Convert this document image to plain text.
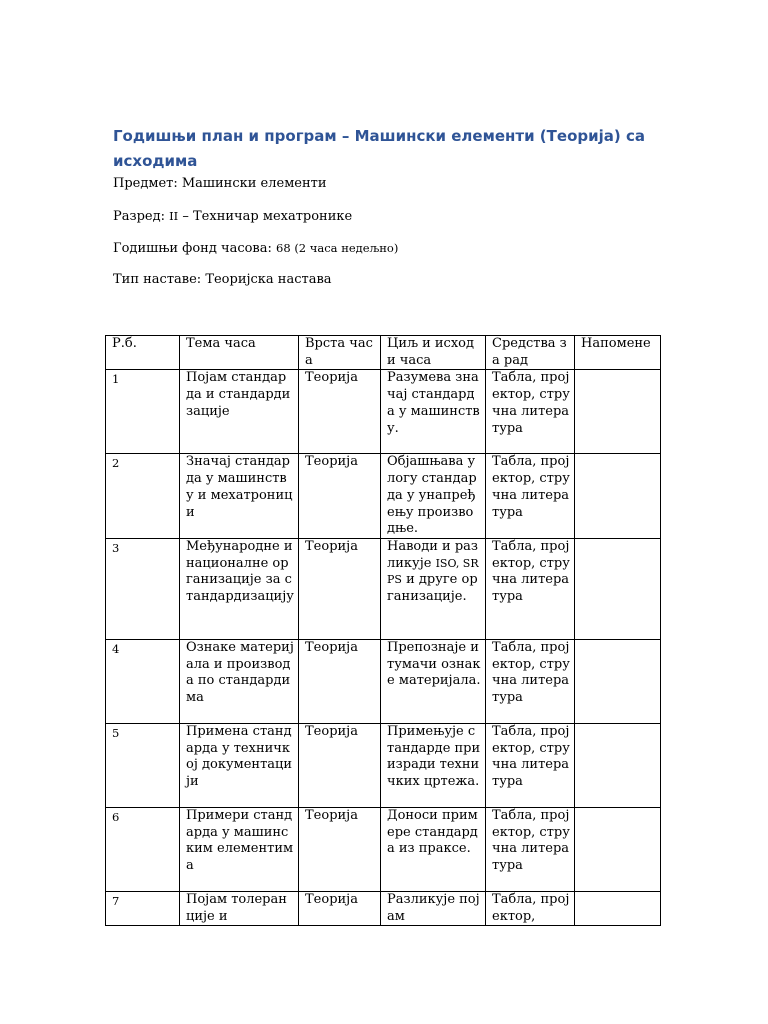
Годишњи план и програм – Машински елементи (Теорија) са исходима
Предмет: Машински елементи
Разред: II – Техничар мехатронике
Годишњи фонд часова: 68 (2 часа недељно)
Тип наставе: Теоријска настава
Р.б.	Тема часа	Врста часа	Циљ и исходи часа	Средства за рад	Напомене
1	Појам стандарда и стандардизације	Теорија	Разумева значај стандарда у машинству.	Табла, пројектор, стручна литература	
2	Значај стандарда у машинству и мехатроници	Теорија	Објашњава улогу стандарда у унапређењу производње.	Табла, пројектор, стручна литература	
3	Међународне и националне организације за стандардизацију	Теорија	Наводи и разликује ISO, SRPS и друге организације.	Табла, пројектор, стручна литература	
4	Ознаке материјала и производа по стандардима	Теорија	Препознаје и тумачи ознаке материјала.	Табла, пројектор, стручна литература	
5	Примена стандарда у техничкој документацији	Теорија	Примењује стандарде при изради техничких цртежа.	Табла, пројектор, стручна литература	
6	Примери стандарда у машинским елементима	Теорија	Доноси примере стандарда из праксе.	Табла, пројектор, стручна литература	
7	Појам толеранције и	Теорија	Разликује појам	Табла, пројектор,	
